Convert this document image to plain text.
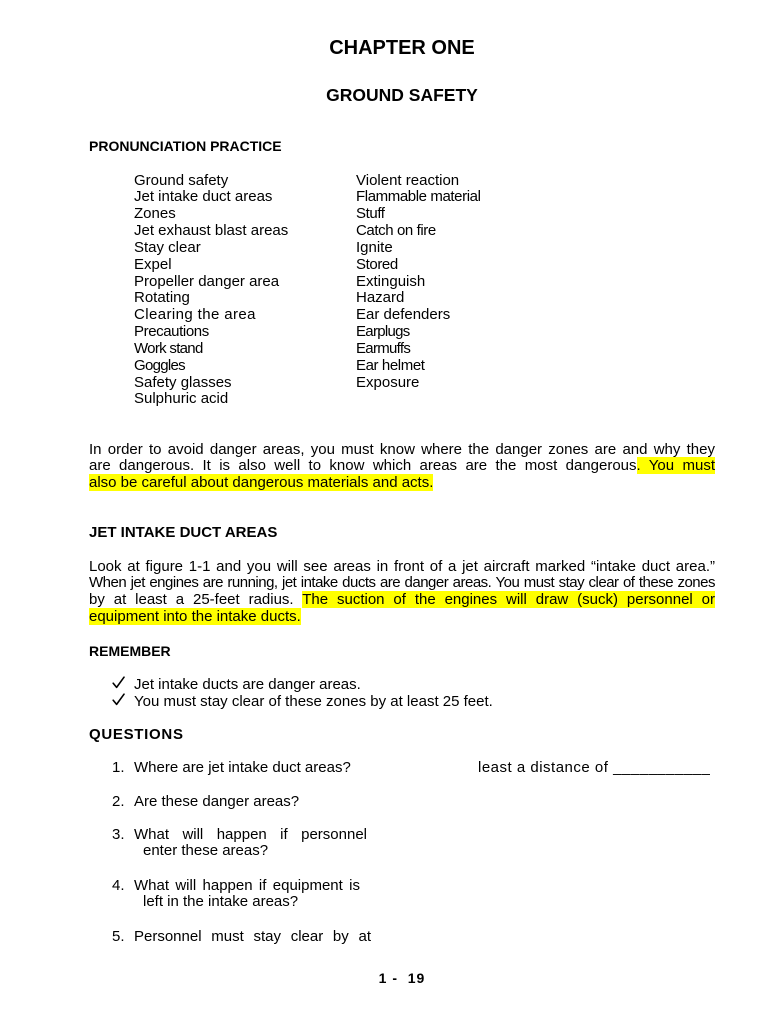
CHAPTER ONE
GROUND SAFETY
PRONUNCIATION PRACTICE
Ground safety
Jet intake duct areas
Zones
Jet exhaust blast areas
Stay clear
Expel
Propeller danger area
Rotating
Clearing the area
Precautions
Work stand
Goggles
Safety glasses
Sulphuric acid
Violent reaction
Flammable material
Stuff
Catch on fire
Ignite
Stored
Extinguish
Hazard
Ear defenders
Earplugs
Earmuffs
Ear helmet
Exposure
In order to avoid danger areas, you must know where the danger zones are and why they
are dangerous. It is also well to know which areas are the most dangerous. You must
also be careful about dangerous materials and acts.
JET INTAKE DUCT AREAS
Look at figure 1-1 and you will see areas in front of a jet aircraft marked “intake duct area.”
When jet engines are running, jet intake ducts are danger areas. You must stay clear of these zones
by at least a 25-feet radius. The suction of the engines will draw (suck) personnel or
equipment into the intake ducts.
REMEMBER
Jet intake ducts are danger areas.
You must stay clear of these zones by at least 25 feet.
QUESTIONS
1. Where are jet intake duct areas?
2. Are these danger areas?
3. What will happen if personnel
enter these areas?
4. What will happen if equipment is
left in the intake areas?
5. Personnel must stay clear by at
least a distance of ___________
1 -  19
